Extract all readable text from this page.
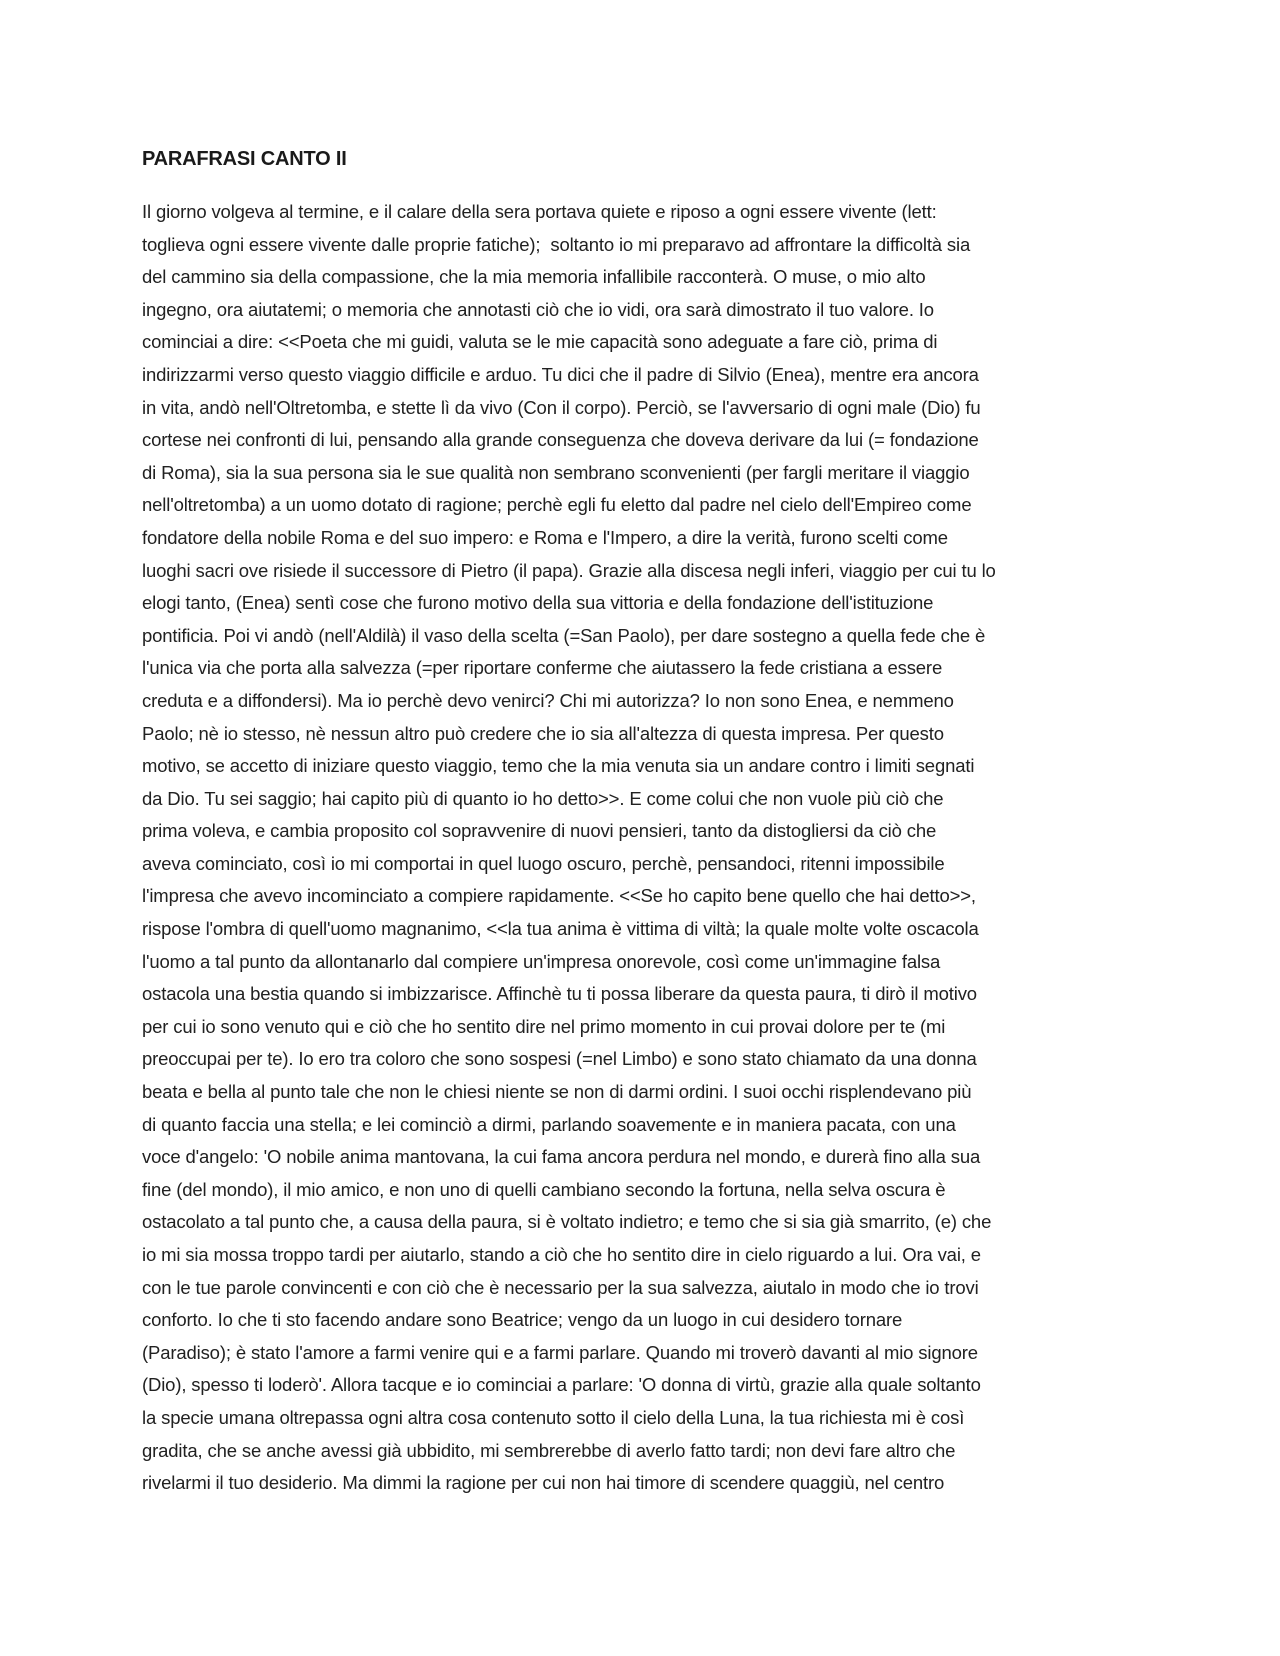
PARAFRASI CANTO II
Il giorno volgeva al termine, e il calare della sera portava quiete e riposo a ogni essere vivente (lett:
toglieva ogni essere vivente dalle proprie fatiche);  soltanto io mi preparavo ad affrontare la difficoltà sia
del cammino sia della compassione, che la mia memoria infallibile racconterà. O muse, o mio alto
ingegno, ora aiutatemi; o memoria che annotasti ciò che io vidi, ora sarà dimostrato il tuo valore. Io
cominciai a dire: <<Poeta che mi guidi, valuta se le mie capacità sono adeguate a fare ciò, prima di
indirizzarmi verso questo viaggio difficile e arduo. Tu dici che il padre di Silvio (Enea), mentre era ancora
in vita, andò nell'Oltretomba, e stette lì da vivo (Con il corpo). Perciò, se l'avversario di ogni male (Dio) fu
cortese nei confronti di lui, pensando alla grande conseguenza che doveva derivare da lui (= fondazione
di Roma), sia la sua persona sia le sue qualità non sembrano sconvenienti (per fargli meritare il viaggio
nell'oltretomba) a un uomo dotato di ragione; perchè egli fu eletto dal padre nel cielo dell'Empireo come
fondatore della nobile Roma e del suo impero: e Roma e l'Impero, a dire la verità, furono scelti come
luoghi sacri ove risiede il successore di Pietro (il papa). Grazie alla discesa negli inferi, viaggio per cui tu lo
elogi tanto, (Enea) sentì cose che furono motivo della sua vittoria e della fondazione dell'istituzione
pontificia. Poi vi andò (nell'Aldilà) il vaso della scelta (=San Paolo), per dare sostegno a quella fede che è
l'unica via che porta alla salvezza (=per riportare conferme che aiutassero la fede cristiana a essere
creduta e a diffondersi). Ma io perchè devo venirci? Chi mi autorizza? Io non sono Enea, e nemmeno
Paolo; nè io stesso, nè nessun altro può credere che io sia all'altezza di questa impresa. Per questo
motivo, se accetto di iniziare questo viaggio, temo che la mia venuta sia un andare contro i limiti segnati
da Dio. Tu sei saggio; hai capito più di quanto io ho detto>>. E come colui che non vuole più ciò che
prima voleva, e cambia proposito col sopravvenire di nuovi pensieri, tanto da distogliersi da ciò che
aveva cominciato, così io mi comportai in quel luogo oscuro, perchè, pensandoci, ritenni impossibile
l'impresa che avevo incominciato a compiere rapidamente. <<Se ho capito bene quello che hai detto>>,
rispose l'ombra di quell'uomo magnanimo, <<la tua anima è vittima di viltà; la quale molte volte oscacola
l'uomo a tal punto da allontanarlo dal compiere un'impresa onorevole, così come un'immagine falsa
ostacola una bestia quando si imbizzarisce. Affinchè tu ti possa liberare da questa paura, ti dirò il motivo
per cui io sono venuto qui e ciò che ho sentito dire nel primo momento in cui provai dolore per te (mi
preoccupai per te). Io ero tra coloro che sono sospesi (=nel Limbo) e sono stato chiamato da una donna
beata e bella al punto tale che non le chiesi niente se non di darmi ordini. I suoi occhi risplendevano più
di quanto faccia una stella; e lei cominciò a dirmi, parlando soavemente e in maniera pacata, con una
voce d'angelo: 'O nobile anima mantovana, la cui fama ancora perdura nel mondo, e durerà fino alla sua
fine (del mondo), il mio amico, e non uno di quelli cambiano secondo la fortuna, nella selva oscura è
ostacolato a tal punto che, a causa della paura, si è voltato indietro; e temo che si sia già smarrito, (e) che
io mi sia mossa troppo tardi per aiutarlo, stando a ciò che ho sentito dire in cielo riguardo a lui. Ora vai, e
con le tue parole convincenti e con ciò che è necessario per la sua salvezza, aiutalo in modo che io trovi
conforto. Io che ti sto facendo andare sono Beatrice; vengo da un luogo in cui desidero tornare
(Paradiso); è stato l'amore a farmi venire qui e a farmi parlare. Quando mi troverò davanti al mio signore
(Dio), spesso ti loderò'. Allora tacque e io cominciai a parlare: 'O donna di virtù, grazie alla quale soltanto
la specie umana oltrepassa ogni altra cosa contenuto sotto il cielo della Luna, la tua richiesta mi è così
gradita, che se anche avessi già ubbidito, mi sembrerebbe di averlo fatto tardi; non devi fare altro che
rivelarmi il tuo desiderio. Ma dimmi la ragione per cui non hai timore di scendere quaggiù, nel centro
